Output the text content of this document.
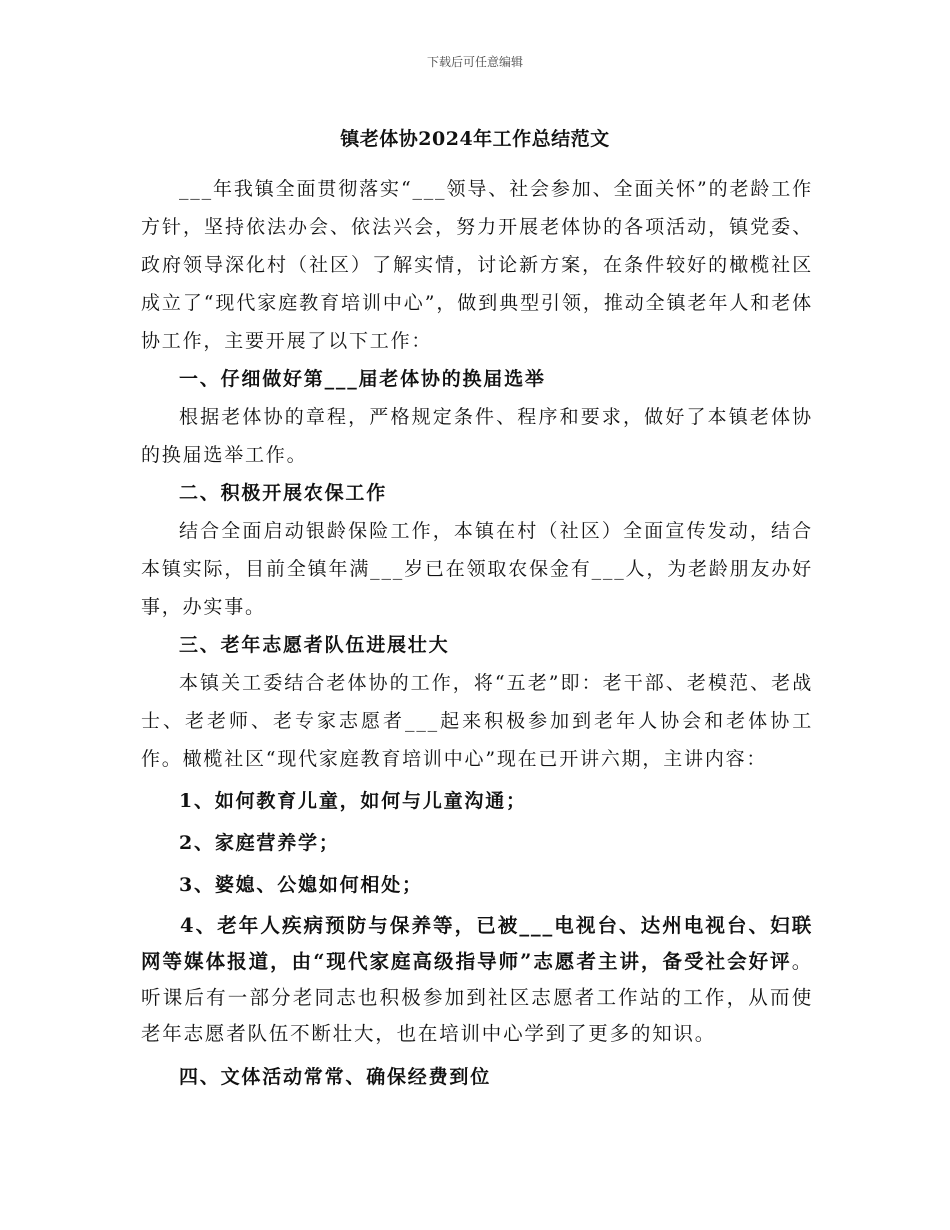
下载后可任意编辑
镇老体协2024年工作总结范文

___年我镇全面贯彻落实“___领导、社会参加、全面关怀”的老龄工作方针，坚持依法办会、依法兴会，努力开展老体协的各项活动，镇党委、政府领导深化村（社区）了解实情，讨论新方案，在条件较好的橄榄社区成立了“现代家庭教育培训中心”，做到典型引领，推动全镇老年人和老体协工作，主要开展了以下工作：

一、仔细做好第___届老体协的换届选举

根据老体协的章程，严格规定条件、程序和要求，做好了本镇老体协的换届选举工作。

二、积极开展农保工作

结合全面启动银龄保险工作，本镇在村（社区）全面宣传发动，结合本镇实际，目前全镇年满___岁已在领取农保金有___人，为老龄朋友办好事，办实事。

三、老年志愿者队伍进展壮大

本镇关工委结合老体协的工作，将“五老”即：老干部、老模范、老战士、老老师、老专家志愿者___起来积极参加到老年人协会和老体协工作。橄榄社区“现代家庭教育培训中心”现在已开讲六期，主讲内容：

1、如何教育儿童，如何与儿童沟通；

2、家庭营养学；

3、婆媳、公媳如何相处；

4、老年人疾病预防与保养等，已被___电视台、达州电视台、妇联网等媒体报道，由“现代家庭高级指导师”志愿者主讲，备受社会好评。听课后有一部分老同志也积极参加到社区志愿者工作站的工作，从而使老年志愿者队伍不断壮大，也在培训中心学到了更多的知识。

四、文体活动常常、确保经费到位
